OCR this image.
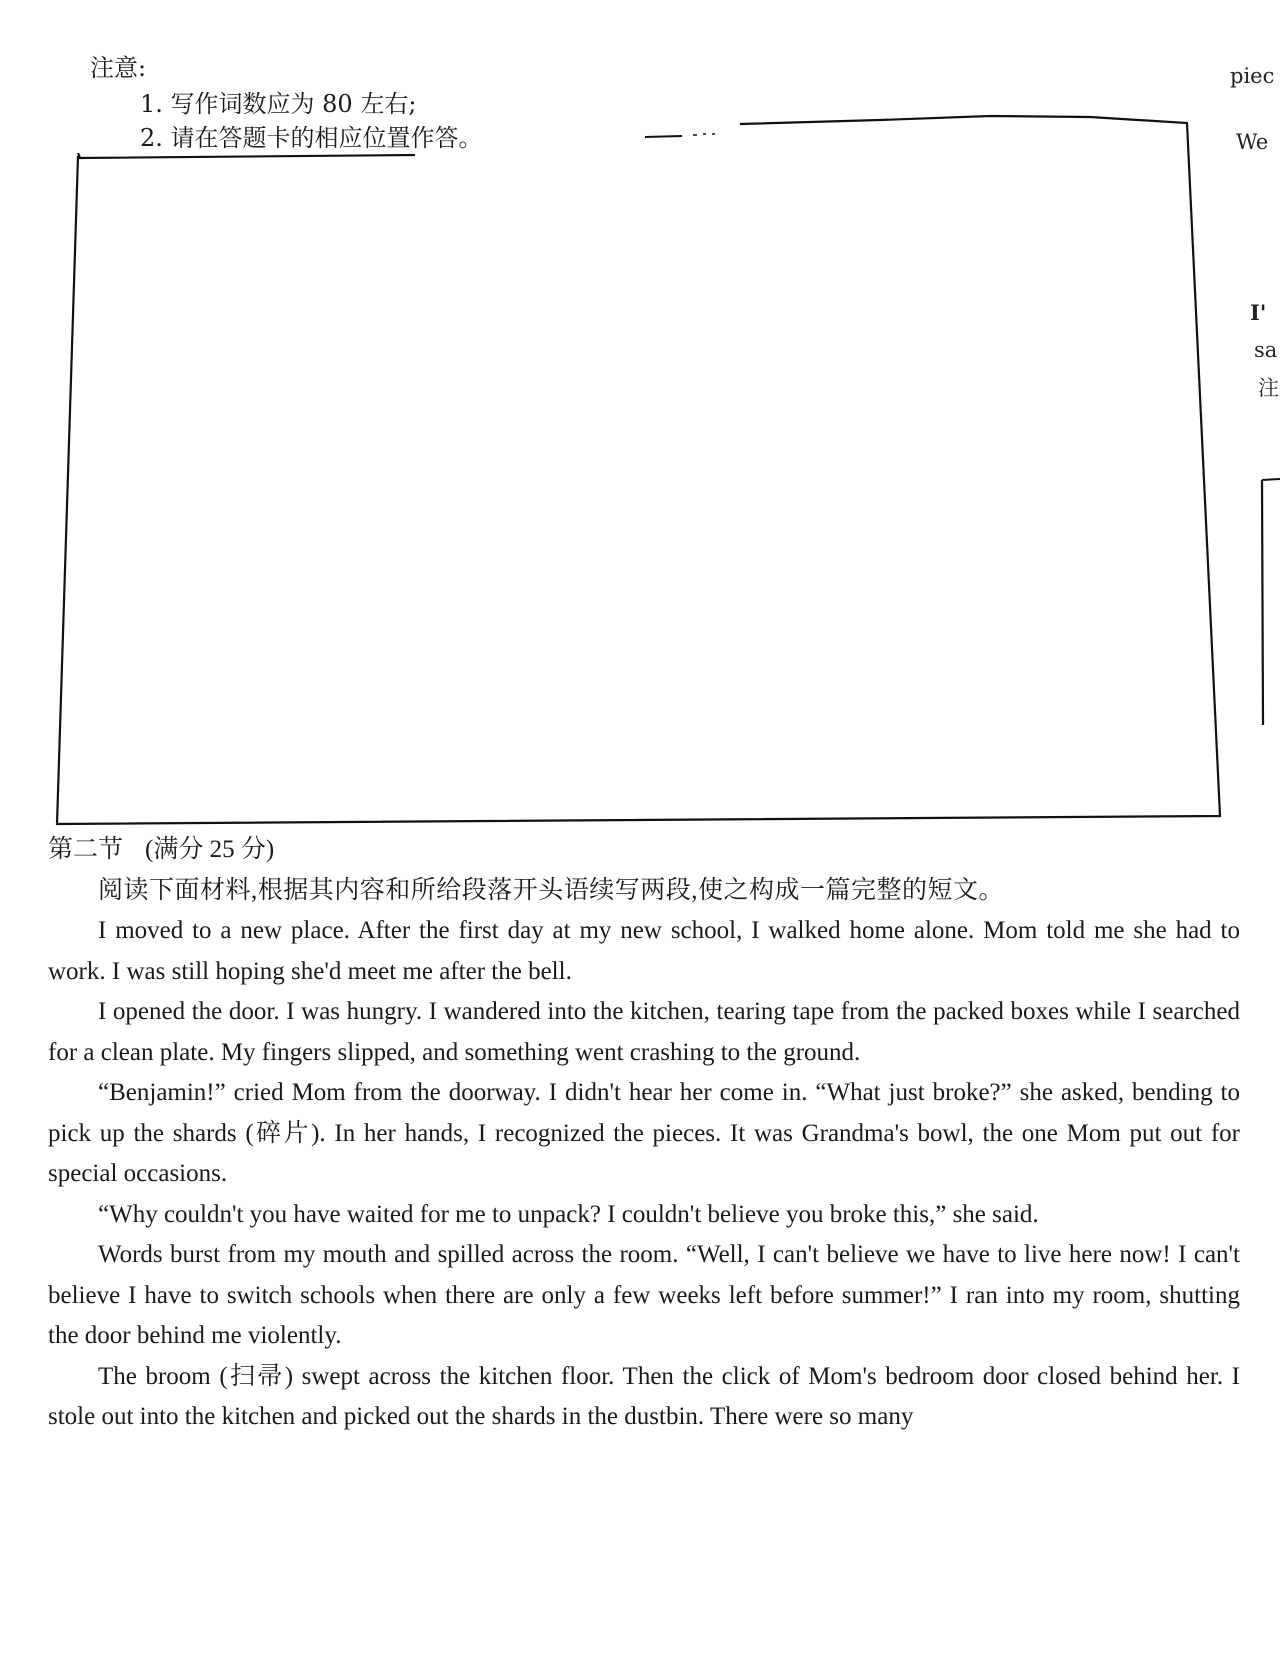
注意:
1. 写作词数应为 80 左右;
2. 请在答题卡的相应位置作答。
piec
We
I'
sa
注
第二节 (满分 25 分)

阅读下面材料,根据其内容和所给段落开头语续写两段,使之构成一篇完整的短文。

I moved to a new place. After the first day at my new school, I walked home alone. Mom told me she had to work. I was still hoping she'd meet me after the bell.

I opened the door. I was hungry. I wandered into the kitchen, tearing tape from the packed boxes while I searched for a clean plate. My fingers slipped, and something went crashing to the ground.

“Benjamin!” cried Mom from the doorway. I didn't hear her come in. “What just broke?” she asked, bending to pick up the shards (碎片). In her hands, I recognized the pieces. It was Grandma's bowl, the one Mom put out for special occasions.

“Why couldn't you have waited for me to unpack? I couldn't believe you broke this,” she said.

Words burst from my mouth and spilled across the room. “Well, I can't believe we have to live here now! I can't believe I have to switch schools when there are only a few weeks left before summer!” I ran into my room, shutting the door behind me violently.

The broom (扫帚) swept across the kitchen floor. Then the click of Mom's bedroom door closed behind her. I stole out into the kitchen and picked out the shards in the dustbin. There were so many
